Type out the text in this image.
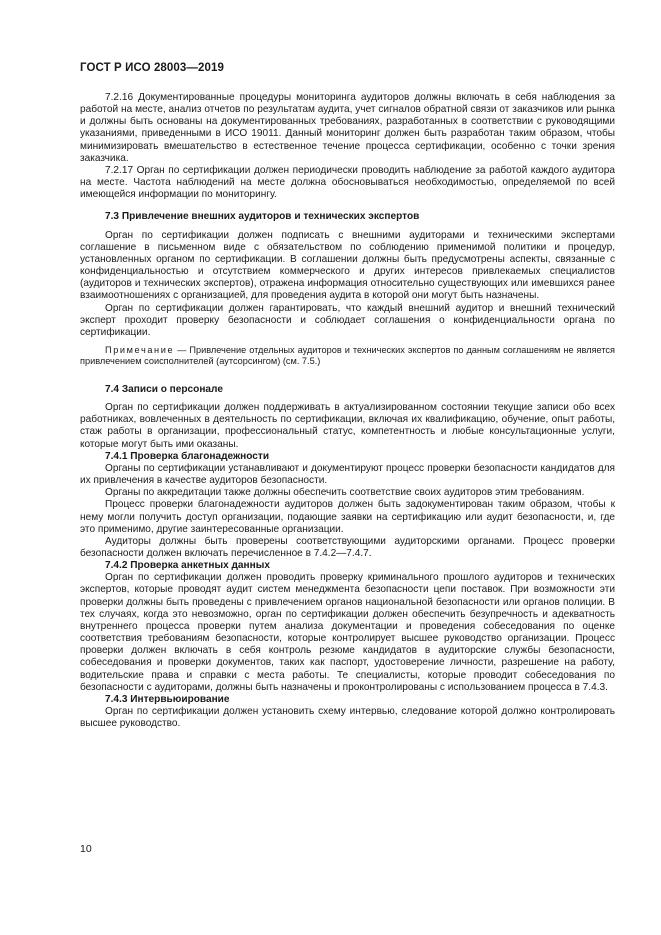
ГОСТ Р ИСО 28003—2019

7.2.16 Документированные процедуры мониторинга аудиторов должны включать в себя наблюдения за работой на месте, анализ отчетов по результатам аудита, учет сигналов обратной связи от заказчиков или рынка и должны быть основаны на документированных требованиях, разработанных в соответствии с руководящими указаниями, приведенными в ИСО 19011. Данный мониторинг должен быть разработан таким образом, чтобы минимизировать вмешательство в естественное течение процесса сертификации, особенно с точки зрения заказчика.

7.2.17 Орган по сертификации должен периодически проводить наблюдение за работой каждого аудитора на месте. Частота наблюдений на месте должна обосновываться необходимостью, определяемой по всей имеющейся информации по мониторингу.

7.3 Привлечение внешних аудиторов и технических экспертов

Орган по сертификации должен подписать с внешними аудиторами и техническими экспертами соглашение в письменном виде с обязательством по соблюдению применимой политики и процедур, установленных органом по сертификации. В соглашении должны быть предусмотрены аспекты, связанные с конфиденциальностью и отсутствием коммерческого и других интересов привлекаемых специалистов (аудиторов и технических экспертов), отражена информация относительно существующих или имевшихся ранее взаимоотношениях с организацией, для проведения аудита в которой они могут быть назначены.

Орган по сертификации должен гарантировать, что каждый внешний аудитор и внешний технический эксперт проходит проверку безопасности и соблюдает соглашения о конфиденциальности органа по сертификации.

Примечание — Привлечение отдельных аудиторов и технических экспертов по данным соглашениям не является привлечением соисполнителей (аутсорсингом) (см. 7.5.)

7.4 Записи о персонале

Орган по сертификации должен поддерживать в актуализированном состоянии текущие записи обо всех работниках, вовлеченных в деятельность по сертификации, включая их квалификацию, обучение, опыт работы, стаж работы в организации, профессиональный статус, компетентность и любые консультационные услуги, которые могут быть ими оказаны.

7.4.1 Проверка благонадежности

Органы по сертификации устанавливают и документируют процесс проверки безопасности кандидатов для их привлечения в качестве аудиторов безопасности.

Органы по аккредитации также должны обеспечить соответствие своих аудиторов этим требованиям.

Процесс проверки благонадежности аудиторов должен быть задокументирован таким образом, чтобы к нему могли получить доступ организации, подающие заявки на сертификацию или аудит безопасности, и, где это применимо, другие заинтересованные организации.

Аудиторы должны быть проверены соответствующими аудиторскими органами. Процесс проверки безопасности должен включать перечисленное в 7.4.2—7.4.7.

7.4.2 Проверка анкетных данных

Орган по сертификации должен проводить проверку криминального прошлого аудиторов и технических экспертов, которые проводят аудит систем менеджмента безопасности цепи поставок. При возможности эти проверки должны быть проведены с привлечением органов национальной безопасности или органов полиции. В тех случаях, когда это невозможно, орган по сертификации должен обеспечить безупречность и адекватность внутреннего процесса проверки путем анализа документации и проведения собеседования по оценке соответствия требованиям безопасности, которые контролирует высшее руководство организации. Процесс проверки должен включать в себя контроль резюме кандидатов в аудиторские службы безопасности, собеседования и проверки документов, таких как паспорт, удостоверение личности, разрешение на работу, водительские права и справки с места работы. Те специалисты, которые проводит собеседования по безопасности с аудиторами, должны быть назначены и проконтролированы с использованием процесса в 7.4.3.

7.4.3 Интервьюирование

Орган по сертификации должен установить схему интервью, следование которой должно контролировать высшее руководство.

10
